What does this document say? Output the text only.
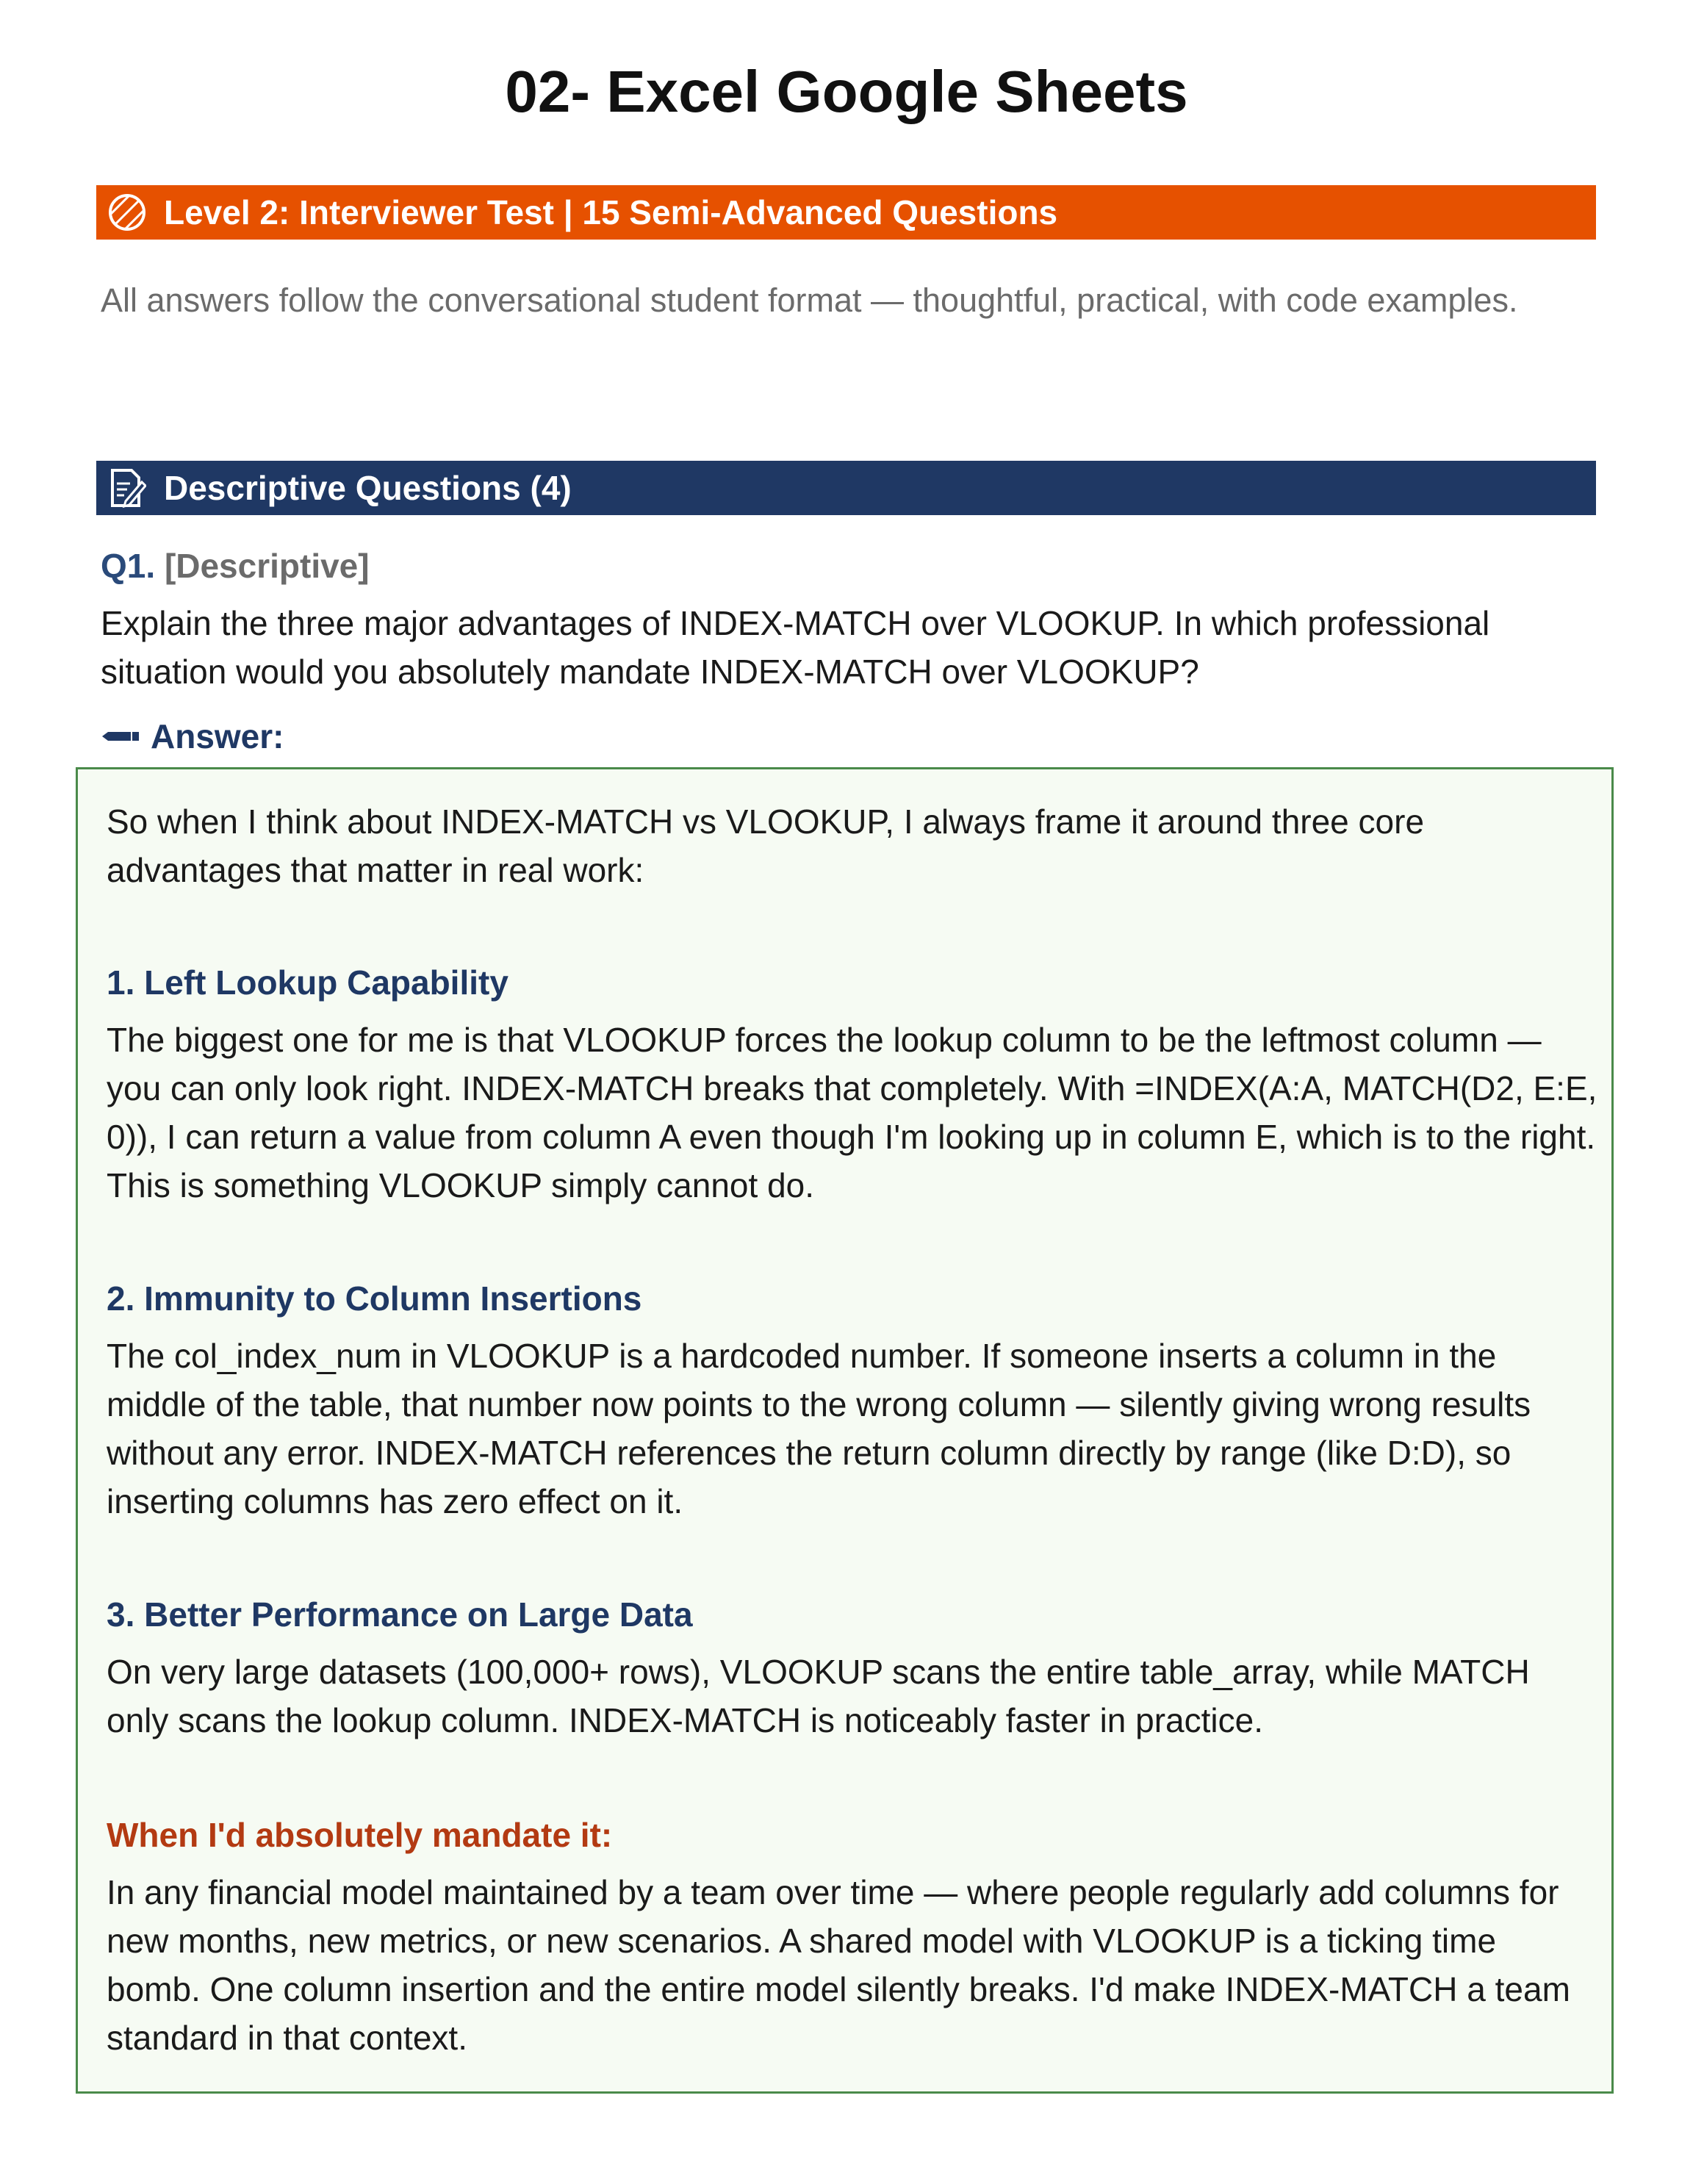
02- Excel Google Sheets
Level 2: Interviewer Test | 15 Semi-Advanced Questions
All answers follow the conversational student format — thoughtful, practical, with code examples.
Descriptive Questions (4)
Q1. [Descriptive]
Explain the three major advantages of INDEX-MATCH over VLOOKUP. In which professional situation would you absolutely mandate INDEX-MATCH over VLOOKUP?
Answer:
So when I think about INDEX-MATCH vs VLOOKUP, I always frame it around three core advantages that matter in real work:
1. Left Lookup Capability
The biggest one for me is that VLOOKUP forces the lookup column to be the leftmost column — you can only look right. INDEX-MATCH breaks that completely. With =INDEX(A:A, MATCH(D2, E:E, 0)), I can return a value from column A even though I'm looking up in column E, which is to the right. This is something VLOOKUP simply cannot do.
2. Immunity to Column Insertions
The col_index_num in VLOOKUP is a hardcoded number. If someone inserts a column in the middle of the table, that number now points to the wrong column — silently giving wrong results without any error. INDEX-MATCH references the return column directly by range (like D:D), so inserting columns has zero effect on it.
3. Better Performance on Large Data
On very large datasets (100,000+ rows), VLOOKUP scans the entire table_array, while MATCH only scans the lookup column. INDEX-MATCH is noticeably faster in practice.
When I'd absolutely mandate it:
In any financial model maintained by a team over time — where people regularly add columns for new months, new metrics, or new scenarios. A shared model with VLOOKUP is a ticking time bomb. One column insertion and the entire model silently breaks. I'd make INDEX-MATCH a team standard in that context.
